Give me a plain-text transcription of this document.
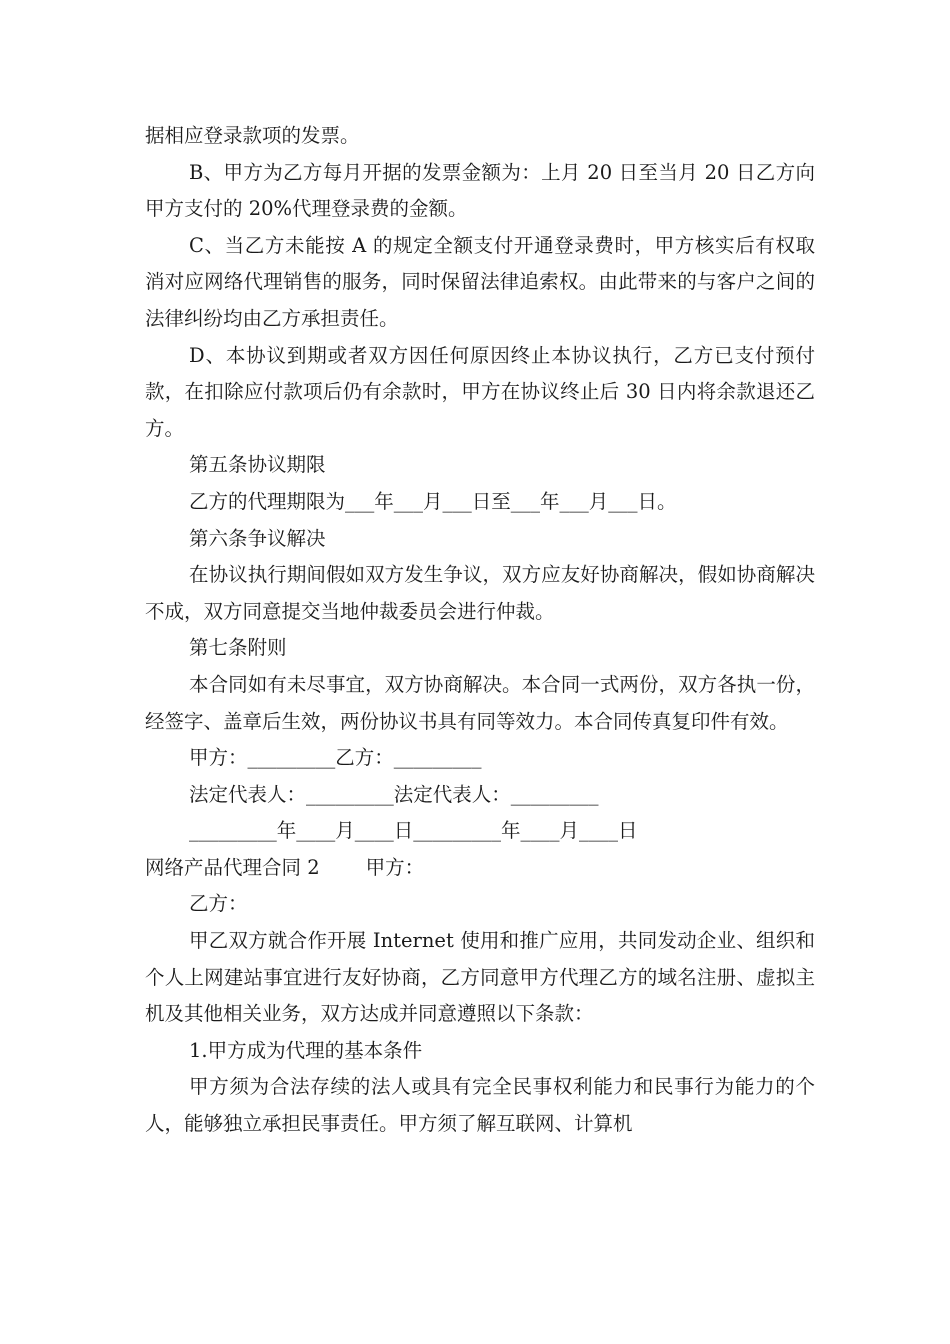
据相应登录款项的发票。

B、甲方为乙方每月开据的发票金额为：上月 20 日至当月 20 日乙方向甲方支付的 20%代理登录费的金额。

C、当乙方未能按 A 的规定全额支付开通登录费时，甲方核实后有权取消对应网络代理销售的服务，同时保留法律追索权。由此带来的与客户之间的法律纠纷均由乙方承担责任。

D、本协议到期或者双方因任何原因终止本协议执行，乙方已支付预付款，在扣除应付款项后仍有余款时，甲方在协议终止后 30 日内将余款退还乙方。

第五条协议期限

乙方的代理期限为___年___月___日至___年___月___日。

第六条争议解决

在协议执行期间假如双方发生争议，双方应友好协商解决，假如协商解决不成，双方同意提交当地仲裁委员会进行仲裁。

第七条附则

本合同如有未尽事宜，双方协商解决。本合同一式两份，双方各执一份，经签字、盖章后生效，两份协议书具有同等效力。本合同传真复印件有效。

甲方：_________乙方：_________

法定代表人：_________法定代表人：_________

_________年____月____日_________年____月____日

网络产品代理合同 2 甲方：

乙方：

甲乙双方就合作开展 Internet 使用和推广应用，共同发动企业、组织和个人上网建站事宜进行友好协商，乙方同意甲方代理乙方的域名注册、虚拟主机及其他相关业务，双方达成并同意遵照以下条款：

1.甲方成为代理的基本条件

甲方须为合法存续的法人或具有完全民事权利能力和民事行为能力的个人，能够独立承担民事责任。甲方须了解互联网、计算机
